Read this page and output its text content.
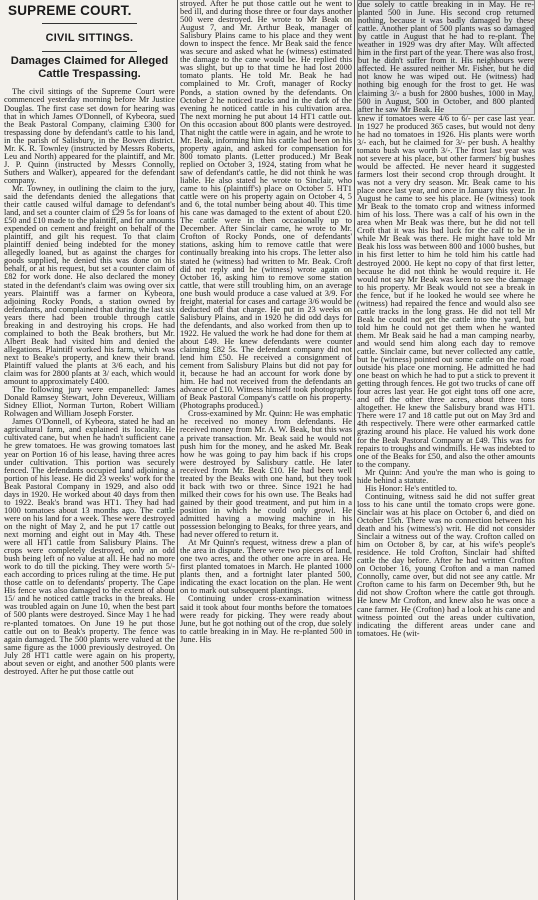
SUPREME COURT.
CIVIL SITTINGS.
Damages Claimed for Alleged Cattle Trespassing.

The civil sittings of the Supreme Court were commenced yesterday morning before Mr Justice Douglas. The first case set down for hearing was that in which James O'Donnell, of Kybeora, sued the Beak Pastoral Company, claiming £300 for trespassing done by defendant's cattle to his land, in the parish of Salisbury, in the Bowen district. Mr. K. R. Townley (instructed by Messrs Roberts, Leu and North) appeared for the plaintiff, and Mr. J. P. Quinn (instructed by Messrs Connolly, Suthers and Walker), appeared for the defendant company.

Mr. Towney, in outlining the claim to the jury, said the defendants denied the allegations that their cattle caused wilful damage to defendant's land, and set a counter claim of £29 5s for loans of £50 and £10 made to the plaintiff, and for amounts expended on cement and freight on behalf of the plaintiff, and gilt his request. To that claim plaintiff denied being indebted for the money allegedly loaned, but as against the charges for goods supplied, he denied this was done on his behalf, or at his request, but set a counter claim of £82 for work done. He also declared the money stated in the defendant's claim was owing over six years. Plaintiff was a farmer on Kybeora, adjoining Rocky Ponds, a station owned by defendants, and complained that during the last six years there had been trouble through cattle breaking in and destroying his crops. He had complained to both the Beak brothers, but Mr. Albert Beak had visited him and denied the allegations. Plaintiff worked his farm, which was next to Beake's property, and knew their brand. Plaintiff valued the plants at 3/6 each, and his claim was for 2800 plants at 3/ each, which would amount to approximately £400.

The following jury were empanelled: James Donald Ramsey Stewart, John Devereux, William Sidney Elliot, Norman Turton, Robert William Rolwagen and William Joseph Forster.

James O'Donnell, of Kybeora, stated he had an agricultural farm, and explained its locality. He cultivated cane, but when he hadn't sufficient cane he grew tomatoes. He was growing tomatoes last year on Portion 16 of his lease, having three acres under cultivation. This portion was securely fenced. The defendants occupied land adjoining a portion of his lease. He did 23 weeks' work for the Beak Pastoral Company in 1929, and also odd days in 1920. He worked about 40 days from then to 1922. Beak's brand was HT1. They had had 1000 tomatoes about 13 months ago. The cattle were on his land for a week. These were destroyed on the night of May 2, and he put 17 cattle out next morning and eight out in May 4th. These were all HT1 cattle from Salisbury Plains. The crops were completely destroyed, only an odd bush being left of no value at all. He had no more work to do till the picking. They were worth 5/- each according to prices ruling at the time. He put those cattle on to defendants' property. The Cape His fence was also damaged to the extent of about 15/ and he noticed cattle tracks in the breaks. He was troubled again on June 10, when the best part of 500 plants were destroyed. Since May 1 he had re-planted tomatoes. On June 19 he put those cattle out on to Beak's property. The fence was again damaged. The 500 plants were valued at the same figure as the 1000 previously destroyed. On July 28 HT1 cattle were again on his property, about seven or eight, and another 500 plants were destroyed. After he put those cattle out

stroyed. After he put those cattle out he went to bed ill, and during those three or four days another 500 were destroyed. He wrote to Mr Beak on August 7, and Mr. Arthur Beak, manager of Salisbury Plains came to his place and they went down to inspect the fence. Mr Beak said the fence was secure and asked what he (witness) estimated the damage to the cane would be. He replied this was slight, but up to that time he had lost 2000 tomato plants. He told Mr. Beak he had complained to Mr. Croft, manager of Rocky Ponds, a station owned by the defendants. On October 2 he noticed tracks and in the dark of the evening he noticed cattle in his cultivation area. The next morning he put about 14 HT1 cattle out. On this occasion about 800 plants were destroyed. That night the cattle were in again, and he wrote to Mr. Beak, informing him his cattle had been on his property again, and asked for compensation for 800 tomato plants. (Letter produced.) Mr Beak replied on October 3, 1924, stating from what he saw of defendant's cattle, he did not think he was liable. He also stated he wrote to Sinclair, who came to his (plaintiff's) place on October 5. HT1 cattle were on his property again on October 4, 5 and 6, the total number being about 40. This time his cane was damaged to the extent of about £20. The cattle were in then occasionally up to December. After Sinclair came, he wrote to Mr. Crofton of Rocky Ponds, one of defendants' stations, asking him to remove cattle that were continually breaking into his crops. The letter also stated he (witness) had written to Mr. Beak. Croft did not reply and he (witness) wrote again on October 16, asking him to remove some station cattle, that were still troubling him, on an average one bush would produce a case valued at 3/9. For freight, material for cases and cartage 3/6 would be deducted off that charge. He put in 23 weeks on Salisbury Plains, and in 1920 he did odd days for the defendants, and also worked from then up to 1922. He valued the work he had done for them at about £49. He knew defendants were counter claiming £82 5s. The defendant company did not lend him £50. He received a consignment of cement from Salisbury Plains but did not pay for it, because he had an account for work done by him. He had not received from the defendants an advance of £10. Witness himself took photographs of Beak Pastoral Company's cattle on his property. (Photographs produced.)

Cross-examined by Mr. Quinn: He was emphatic he received no money from defendants. He received money from Mr. A. W. Beak, but this was a private transaction. Mr. Beak said he would not push him for the money, and he asked Mr. Beak how he was going to pay him back if his crops were destroyed by Salisbury cattle. He later received from Mr. Beak £10. He had been well treated by the Beaks with one hand, but they took it back with two or three. Since 1921 he had milked their cows for his own use. The Beaks had gained by their good treatment, and put him in a position in which he could only growl. He admitted having a mowing machine in his possession belonging to Beaks, for three years, and had never offered to return it.

At Mr Quinn's request, witness drew a plan of the area in dispute. There were two pieces of land, one two acres, and the other one acre in area. He first planted tomatoes in March. He planted 1000 plants then, and a fortnight later planted 500, indicating the exact location on the plan. He went on to mark out subsequent plantings.

Continuing under cross-examination witness said it took about four months before the tomatoes were ready for picking. They were ready about June, but he got nothing out of the crop, due solely to cattle breaking in in May. He re-planted 500 in June. His

due solely to cattle breaking in in May. He re-planted 500 in June. His second crop returned nothing, because it was badly damaged by these cattle. Another plant of 500 plants was so damaged by cattle in August that he had to re-plant. The weather in 1929 was dry after May. Wilt affected him in the first part of the year. There was also frost, but he didn't suffer from it. His neighbours were affected. He assured neither Mr. Fisher, but he did not know he was wiped out. He (witness) had nothing big enough for the frost to get. He was claiming 3/- a bush for 2800 bushes, 1000 in May, 500 in August, 500 in October, and 800 planted after he saw Mr Beak. He

knew if tomatoes were 4/6 to 6/- per case last year. In 1927 he produced 365 cases, but would not deny he had no tomatoes in 1926. His plants were worth 3/- each, but he claimed for 3/- per bush. A healthy tomato bush was worth 3/-. The frost last year was not severe at his place, but other farmers' big bushes would be affected. He never heard it suggested farmers lost their second crop through drought. It was not a very dry season. Mr. Beak came to his place once last year, and once in January this year. In August he came to see his place. He (witness) took Mr Beak to the tomato crop and witness informed him of his loss. There was a calf of his own in the area when Mr Beak was there, but he did not tell Croft that it was his bad luck for the calf to be in while Mr Beak was there. He might have told Mr Beak his loss was between 800 and 1000 bushes, but in his first letter to him he told him his cattle had destroyed 2000. He kept no copy of that first letter, because he did not think he would require it. He would not say Mr Beak was keen to see the damage to his property. Mr Beak would not see a break in the fence, but if he looked he would see where he (witness) had repaired the fence and would also see cattle tracks in the long grass. He did not tell Mr Beak he could not get the cattle into the yard, but told him he could not get them when he wanted them. Mr Beak said he had a man camping nearby, and would send him along each day to remove cattle. Sinclair came, but never collected any cattle, but he (witness) pointed out some cattle on the road outside his place one morning. He admitted he had one beast on which he had to put a stick to prevent it getting through fences. He got two trucks of cane off four acres last year. He got eight tons off one acre, and off the other three acres, about three tons altogether. He knew the Salisbury brand was HT1. There were 17 and 18 cattle put out on May 3rd and 4th respectively. There were other earmarked cattle grazing around his place. He valued his work done for the Beak Pastoral Company at £49. This was for repairs to troughs and windmills. He was indebted to one of the Beaks for £50, and also the other amounts to the company.

Mr Quinn: And you're the man who is going to hide behind a statute.

His Honor: He's entitled to.

Continuing, witness said he did not suffer great loss to his cane until the tomato crops were gone. Sinclair was at his place on October 6, and died on October 15th. There was no connection between his death and his (witness's) writ. He did not consider Sinclair a witness out of the way. Crofton called on him on October 8, by car, at his wife's people's residence. He told Crofton, Sinclair had shifted cattle the day before. After he had written Crofton on October 16, young Crofton and a man named Connolly, came over, but did not see any cattle. Mr Crofton came to his farm on December 9th, but he did not show Crofton where the cattle got through. He knew Mr Crofton, and knew also he was once a cane farmer. He (Crofton) had a look at his cane and witness pointed out the areas under cultivation, indicating the different areas under cane and tomatoes. He (wit-
